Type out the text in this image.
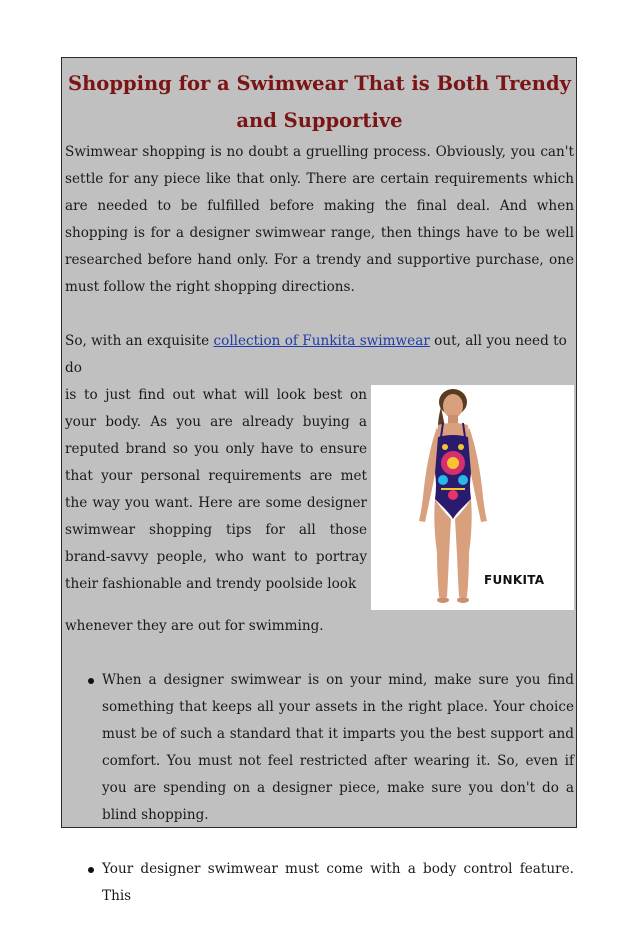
Shopping for a Swimwear That is Both Trendy and Supportive

Swimwear shopping is no doubt a gruelling process. Obviously, you can't settle for any piece like that only. There are certain requirements which are needed to be fulfilled before making the final deal. And when shopping is for a designer swimwear range, then things have to be well researched before hand only. For a trendy and supportive purchase, one must follow the right shopping directions.

So, with an exquisite collection of Funkita swimwear out, all you need to do

FUNKITA

is to just find out what will look best on your body. As you are already buying a reputed brand so you only have to ensure that your personal requirements are met the way you want. Here are some designer swimwear shopping tips for all those brand-savvy people, who want to portray their fashionable and trendy poolside look

whenever they are out for swimming.

When a designer swimwear is on your mind, make sure you find something that keeps all your assets in the right place. Your choice must be of such a standard that it imparts you the best support and comfort. You must not feel restricted after wearing it. So, even if you are spending on a designer piece, make sure you don't do a blind shopping.
Your designer swimwear must come with a body control feature. This
